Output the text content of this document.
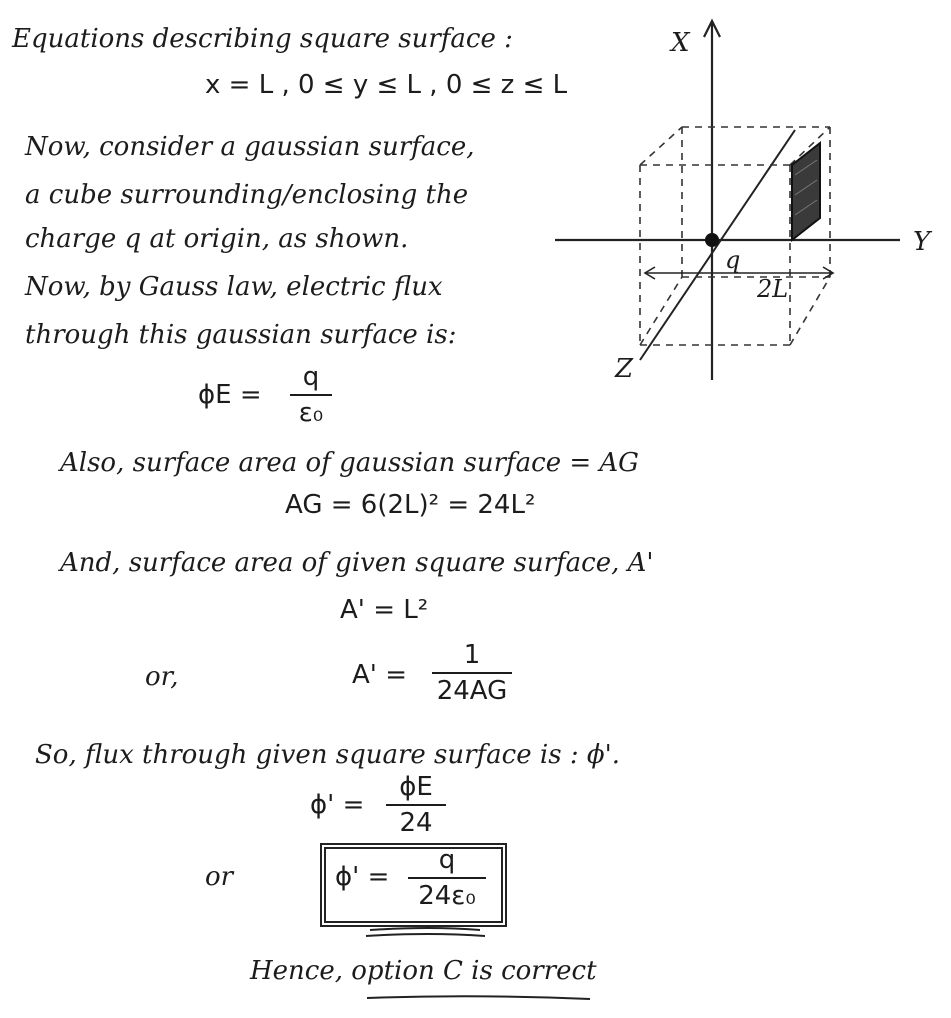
Equations describing square surface :
x = L , 0 ≤ y ≤ L , 0 ≤ z ≤ L
Now, consider a gaussian surface,
a cube surrounding/enclosing the
charge q at origin, as shown.
Now, by Gauss law, electric flux
through this gaussian surface is:
ϕE =
q
ε₀
Also, surface area of gaussian surface = AG
AG = 6(2L)² = 24L²
And, surface area of given square surface, A'
A' = L²
or,	A' =
1
24AG
So, flux through given square surface is : ϕ'.
ϕ' =
ϕE
24
or	ϕ' =
q
24ε₀
Hence, option C is correct
X
Y
Z
q
2L
